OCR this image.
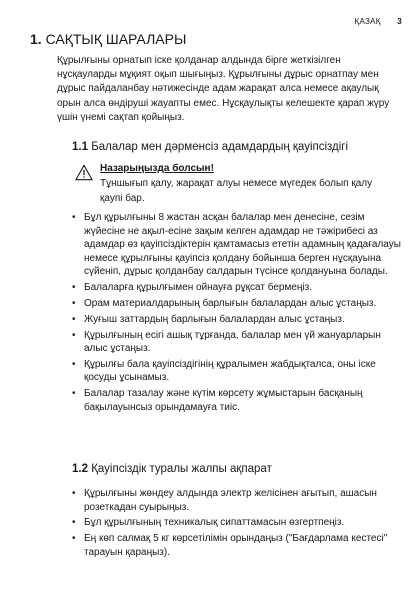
ҚАЗАҚ 3
1. САҚТЫҚ ШАРАЛАРЫ
Құрылғыны орнатып іске қолданар алдында бірге жеткізілген нұсқауларды мұқият оқып шығыңыз. Құрылғыны дұрыс орнатпау мен дұрыс пайдаланбау нәтижесінде адам жарақат алса немесе ақаулық орын алса өндіруші жауапты емес. Нұсқаулықты келешекте қарап жүру үшін үнемі сақтап қойыңыз.
1.1 Балалар мен дәрменсіз адамдардың қауіпсіздігі
Назарыңызда болсын!
Тұншығып қалу, жарақат алуы немесе мүгедек болып қалу қаупі бар.
• Бұл құрылғыны 8 жастан асқан балалар мен денесіне, сезім жүйесіне не ақыл-есіне зақым келген адамдар не тәжірибесі аз адамдар өз қауіпсіздіктерін қамтамасыз ететін адамның қадағалауы немесе құрылғыны қауіпсіз қолдану бойынша берген нұсқауына сүйеніп, дұрыс қолданбау салдарын түсінсе қолдануына болады.
• Балаларға құрылғымен ойнауға рұқсат бермеңіз.
• Орам материалдарының барлығын балалардан алыс ұстаңыз.
• Жуғыш заттардың барлығын балалардан алыс ұстаңыз.
• Құрылғының есігі ашық тұрғанда, балалар мен үй жануарларын алыс ұстаңыз.
• Құрылғы бала қауіпсіздігінің құралымен жабдықталса, оны іске қосуды ұсынамыз.
• Балалар тазалау және күтім көрсету жұмыстарын басқаның бақылауынсыз орындамауға тиіс.
1.2 Қауіпсіздік туралы жалпы ақпарат
• Құрылғыны жөндеу алдында электр желісінен ағытып, ашасын розеткадан суырыңыз.
• Бұл құрылғының техникалық сипаттамасын өзгертпеңіз.
• Ең көп салмақ 5 кг көрсетілімін орындаңыз ("Бағдарлама кестесі" тарауын қараңыз).
